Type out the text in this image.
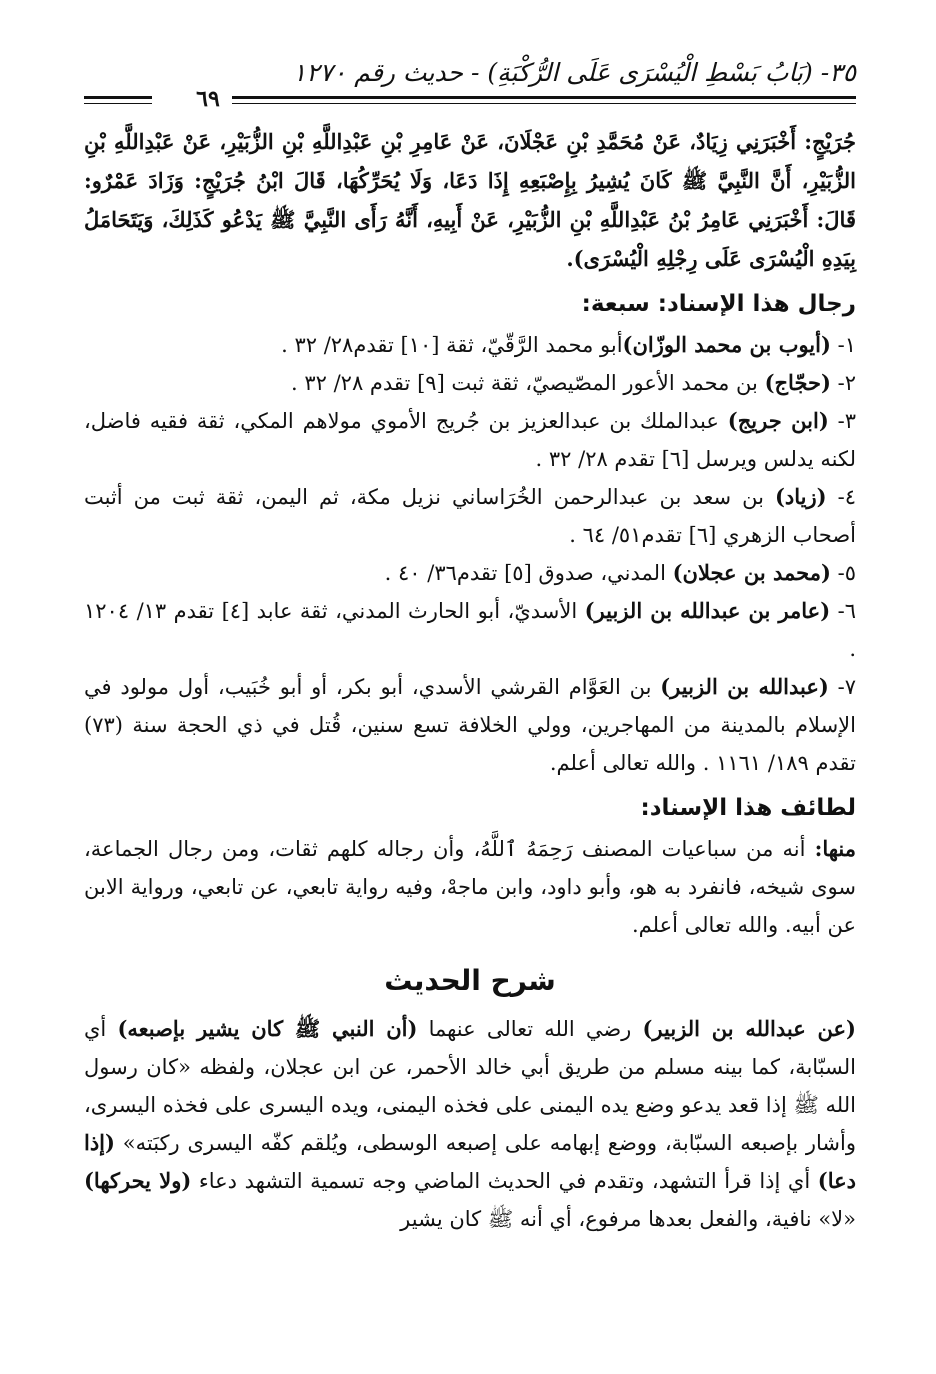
٣٥- (بَابُ بَسْطِ الْيُسْرَى عَلَى الرُّكْبَةِ) - حديث رقم ١٢٧٠
٦٩

جُرَيْجٍ: أَخْبَرَنِي زِيَادٌ، عَنْ مُحَمَّدِ بْنِ عَجْلَانَ، عَنْ عَامِرِ بْنِ عَبْدِاللَّهِ بْنِ الزُّبَيْرِ، عَنْ عَبْدِاللَّهِ بْنِ الزُّبَيْرِ، أَنَّ النَّبِيَّ ﷺ كَانَ يُشِيرُ بِإِصْبَعِهِ إِذَا دَعَا، وَلَا يُحَرِّكُهَا، قَالَ ابْنُ جُرَيْجٍ: وَزَادَ عَمْرٌو: قَالَ: أَخْبَرَنِي عَامِرُ بْنُ عَبْدِاللَّهِ بْنِ الزُّبَيْرِ، عَنْ أَبِيهِ، أَنَّهُ رَأَى النَّبِيَّ ﷺ يَدْعُو كَذَلِكَ، وَيَتَحَامَلُ بِيَدِهِ الْيُسْرَى عَلَى رِجْلِهِ الْيُسْرَى).

رجال هذا الإسناد: سبعة:

١- (أيوب بن محمد الوزّان)أبو محمد الرَّقّيّ، ثقة [١٠] تقدم٢٨/ ٣٢ .

٢- (حجّاج) بن محمد الأعور المصّيصيّ، ثقة ثبت [٩] تقدم ٢٨/ ٣٢ .

٣- (ابن جريج) عبدالملك بن عبدالعزيز بن جُريج الأموي مولاهم المكي، ثقة فقيه فاضل، لكنه يدلس ويرسل [٦] تقدم ٢٨/ ٣٢ .

٤- (زياد) بن سعد بن عبدالرحمن الخُرَاساني نزيل مكة، ثم اليمن، ثقة ثبت من أثبت أصحاب الزهري [٦] تقدم٥١/ ٦٤ .

٥- (محمد بن عجلان) المدني، صدوق [٥] تقدم٣٦/ ٤٠ .

٦- (عامر بن عبدالله بن الزبير) الأسديّ، أبو الحارث المدني، ثقة عابد [٤] تقدم ١٣/ ١٢٠٤ .

٧- (عبدالله بن الزبير) بن العَوَّام القرشي الأسدي، أبو بكر، أو أبو خُبَيب، أول مولود في الإسلام بالمدينة من المهاجرين، وولي الخلافة تسع سنين، قُتل في ذي الحجة سنة (٧٣) تقدم ١٨٩/ ١١٦١ . والله تعالى أعلم.

لطائف هذا الإسناد:

منها: أنه من سباعيات المصنف رَحِمَهُ ٱللَّهُ، وأن رجاله كلهم ثقات، ومن رجال الجماعة، سوى شيخه، فانفرد به هو، وأبو داود، وابن ماجهْ، وفيه رواية تابعي، عن تابعي، ورواية الابن عن أبيه. والله تعالى أعلم.

شرح الحديث

(عن عبدالله بن الزبير) رضي الله تعالى عنهما (أن النبي ﷺ كان يشير بإصبعه) أي السبّابة، كما بينه مسلم من طريق أبي خالد الأحمر، عن ابن عجلان، ولفظه «كان رسول الله ﷺ إذا قعد يدعو وضع يده اليمنى على فخذه اليمنى، ويده اليسرى على فخذه اليسرى، وأشار بإصبعه السبّابة، ووضع إبهامه على إصبعه الوسطى، ويُلقم كفّه اليسرى ركبَته» (إذا دعا) أي إذا قرأ التشهد، وتقدم في الحديث الماضي وجه تسمية التشهد دعاء (ولا يحركها) «لا» نافية، والفعل بعدها مرفوع، أي أنه ﷺ كان يشير
